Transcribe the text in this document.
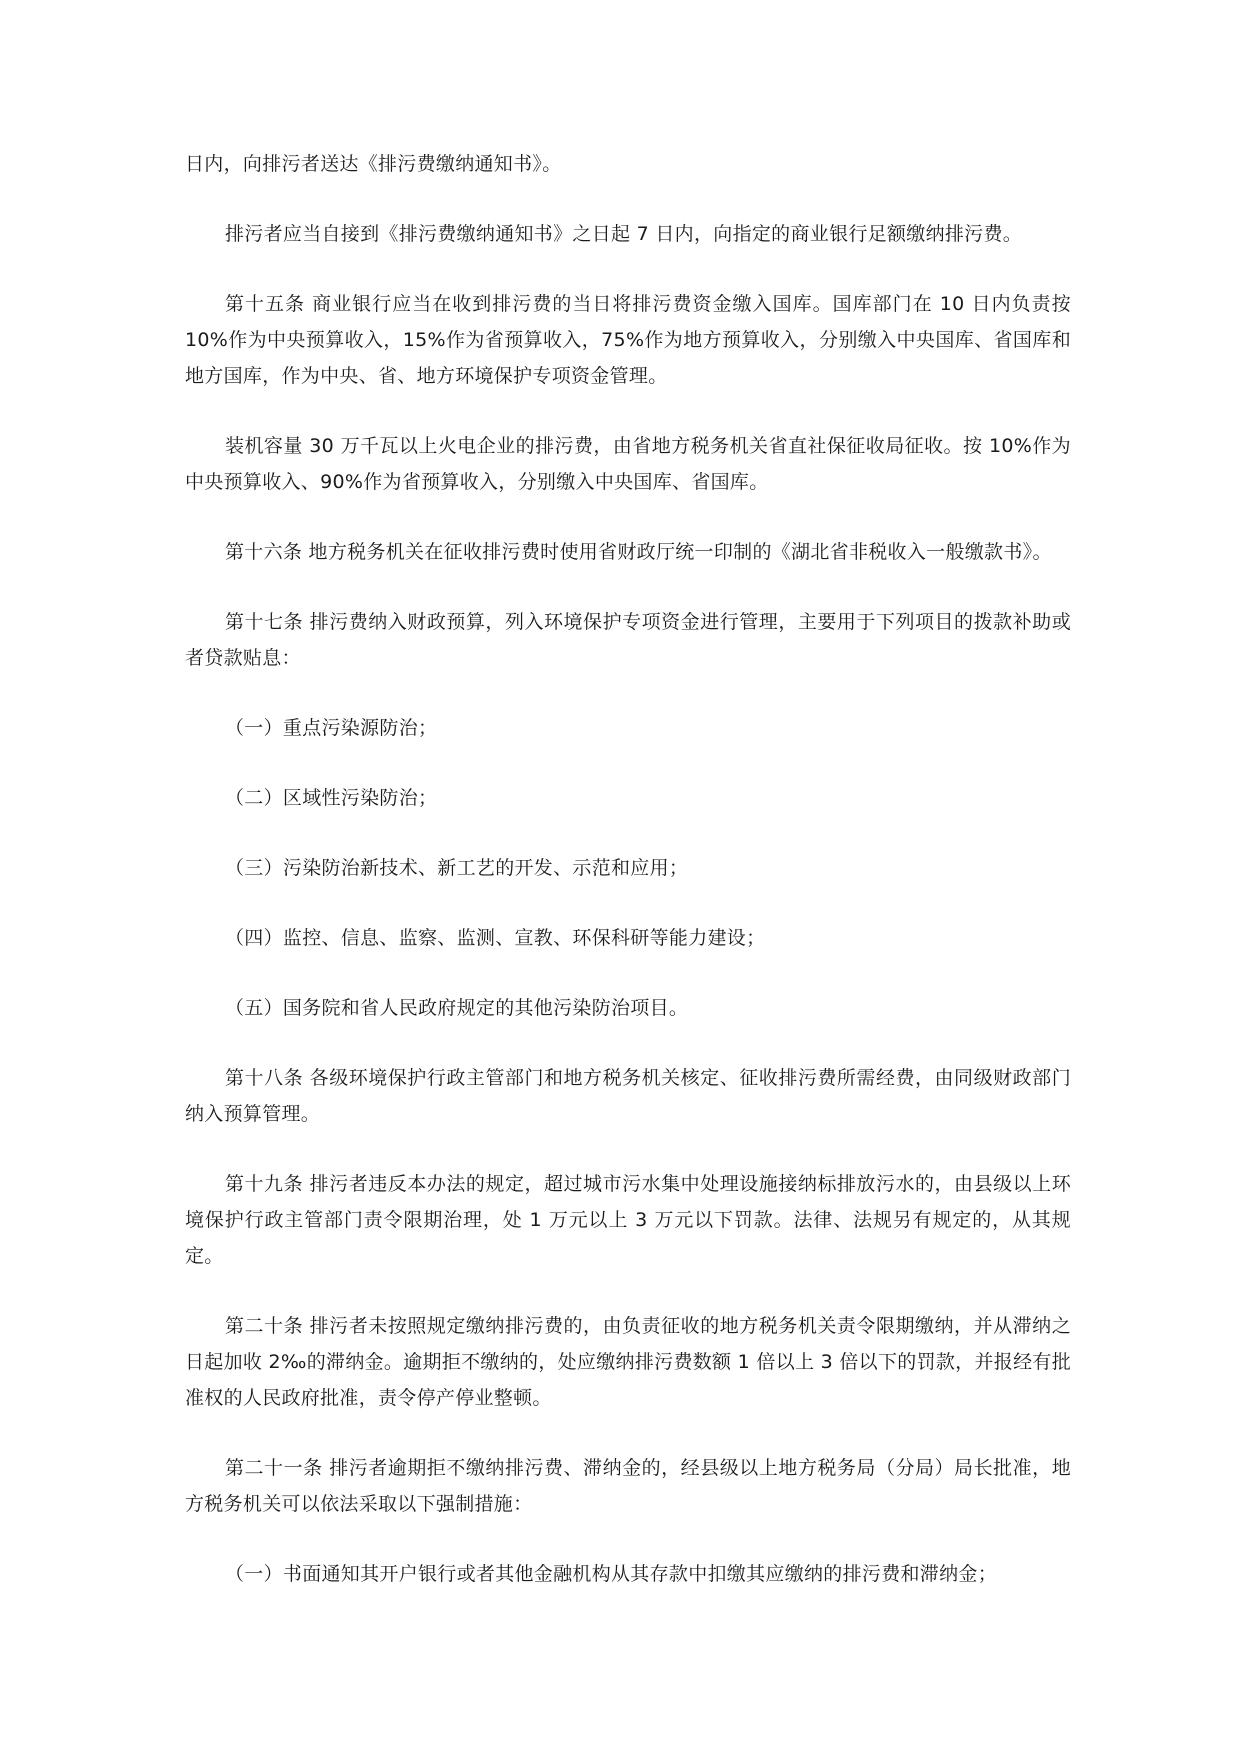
日内，向排污者送达《排污费缴纳通知书》。

排污者应当自接到《排污费缴纳通知书》之日起 7 日内，向指定的商业银行足额缴纳排污费。

第十五条 商业银行应当在收到排污费的当日将排污费资金缴入国库。国库部门在 10 日内负责按 10%作为中央预算收入，15%作为省预算收入，75%作为地方预算收入，分别缴入中央国库、省国库和地方国库，作为中央、省、地方环境保护专项资金管理。

装机容量 30 万千瓦以上火电企业的排污费，由省地方税务机关省直社保征收局征收。按 10%作为中央预算收入、90%作为省预算收入，分别缴入中央国库、省国库。

第十六条 地方税务机关在征收排污费时使用省财政厅统一印制的《湖北省非税收入一般缴款书》。

第十七条 排污费纳入财政预算，列入环境保护专项资金进行管理，主要用于下列项目的拨款补助或者贷款贴息：

（一）重点污染源防治；

（二）区域性污染防治；

（三）污染防治新技术、新工艺的开发、示范和应用；

（四）监控、信息、监察、监测、宣教、环保科研等能力建设；

（五）国务院和省人民政府规定的其他污染防治项目。

第十八条 各级环境保护行政主管部门和地方税务机关核定、征收排污费所需经费，由同级财政部门纳入预算管理。

第十九条 排污者违反本办法的规定，超过城市污水集中处理设施接纳标排放污水的，由县级以上环境保护行政主管部门责令限期治理，处 1 万元以上 3 万元以下罚款。法律、法规另有规定的，从其规定。

第二十条 排污者未按照规定缴纳排污费的，由负责征收的地方税务机关责令限期缴纳，并从滞纳之日起加收 2‰的滞纳金。逾期拒不缴纳的，处应缴纳排污费数额 1 倍以上 3 倍以下的罚款，并报经有批准权的人民政府批准，责令停产停业整顿。

第二十一条 排污者逾期拒不缴纳排污费、滞纳金的，经县级以上地方税务局（分局）局长批准，地方税务机关可以依法采取以下强制措施：

（一）书面通知其开户银行或者其他金融机构从其存款中扣缴其应缴纳的排污费和滞纳金；
